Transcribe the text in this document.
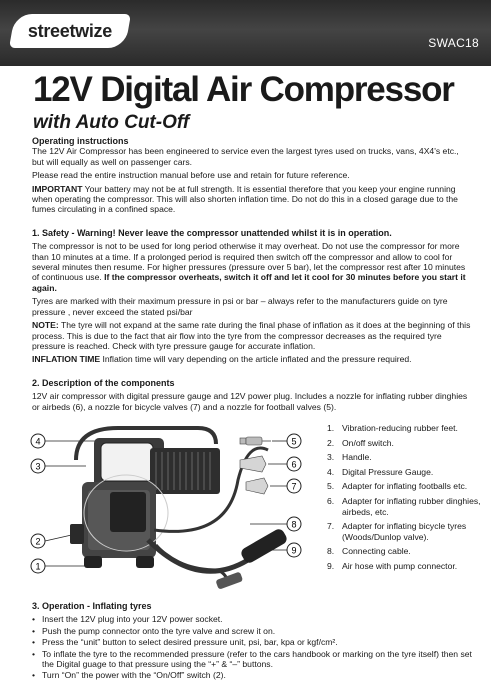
streetwize
SWAC18
12V Digital Air Compressor
with Auto Cut-Off
Operating instructions

The 12V Air Compressor has been engineered to service even the largest tyres used on trucks, vans, 4X4's etc., but will equally as well on passenger cars.

Please read the entire instruction manual before use and retain for future reference.

IMPORTANT Your battery may not be at full strength. It is essential therefore that you keep your engine running when operating the compressor. This will also shorten inflation time. Do not do this in a closed garage due to the fumes circulating in a confined space.

1. Safety - Warning! Never leave the compressor unattended whilst it is in operation.

The compressor is not to be used for long period otherwise it may overheat. Do not use the compressor for more than 10 minutes at a time. If a prolonged period is required then switch off the compressor and allow to cool for several minutes then resume. For higher pressures (pressure over 5 bar), let the compressor rest after 10 minutes of continuous use. If the compressor overheats, switch it off and let it cool for 30 minutes before you start it again.

Tyres are marked with their maximum pressure in psi or bar – always refer to the manufacturers guide on tyre pressure , never exceed the stated psi/bar

NOTE: The tyre will not expand at the same rate during the final phase of inflation as it does at the beginning of this process. This is due to the fact that air flow into the tyre from the compressor decreases as the required tyre pressure is reached. Check with tyre pressure gauge for accurate inflation.

INFLATION TIME Inflation time will vary depending on the article inflated and the pressure required.

2. Description of the components

12V air compressor with digital pressure gauge and 12V power plug. Includes a nozzle for inflating rubber dinghies or airbeds (6), a nozzle for bicycle valves (7) and a nozzle for football valves (5).

4
3
2
1
5
6
7
8
9
1. Vibration-reducing rubber feet.
2. On/off switch.
3. Handle.
4. Digital Pressure Gauge.
5. Adapter for inflating footballs etc.
6. Adapter for inflating rubber dinghies, airbeds, etc.
7. Adapter for inflating bicycle tyres (Woods/Dunlop valve).
8. Connecting cable.
9. Air hose with pump connector.
3. Operation - Inflating tyres
• Insert the 12V plug into your 12V power socket.
• Push the pump connector onto the tyre valve and screw it on.
• Press the “unit” button to select desired pressure unit, psi, bar, kpa or kgf/cm².
• To inflate the tyre to the recommended pressure (refer to the cars handbook or marking on the tyre itself) then set the Digital guage to that pressure using the “+” & “–” buttons.
• Turn “On” the power with the “On/Off” switch (2).
